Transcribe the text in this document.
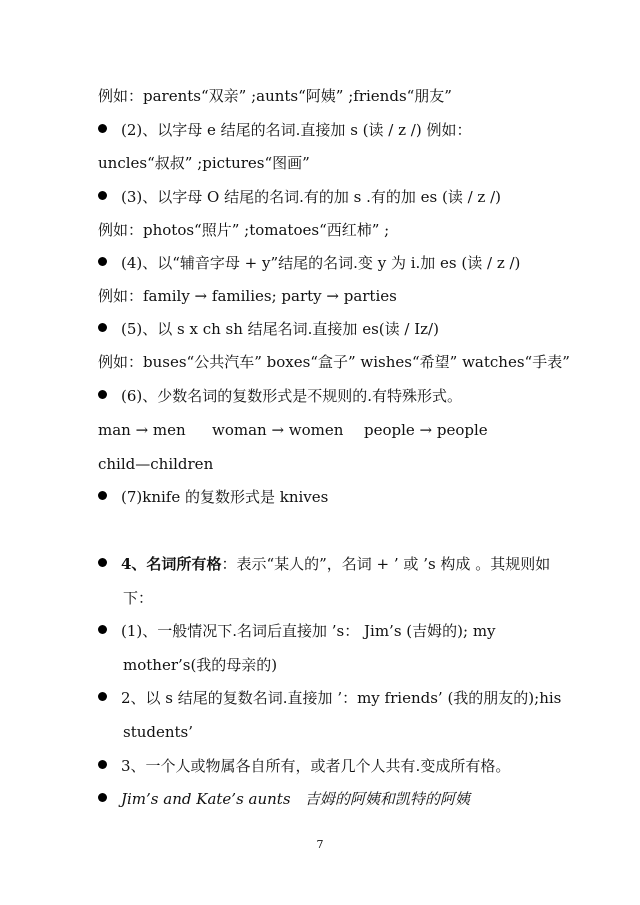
例如：parents“双亲” ;aunts“阿姨” ;friends“朋友”
(2)、以字母 e 结尾的名词.直接加 s (读 / z /) 例如：
uncles“叔叔” ;pictures“图画”
(3)、以字母 O 结尾的名词.有的加 s .有的加 es (读 / z /)
例如：photos“照片” ;tomatoes“西红柿” ;
(4)、以“辅音字母 + y”结尾的名词.变 y 为 i.加 es (读 / z /)
例如：family → families; party → parties
(5)、以 s x ch sh 结尾名词.直接加 es(读 / Iz/)
例如：buses“公共汽车” boxes“盒子” wishes“希望” watches“手表”
(6)、少数名词的复数形式是不规则的.有特殊形式。
man → men woman → women people → people
child—children
(7)knife 的复数形式是 knives
4、名词所有格：表示“某人的”，名词 + ’ 或 ’s 构成 。其规则如
下：
(1)、一般情况下.名词后直接加 ’s： Jim’s (吉姆的); my
mother’s(我的母亲的)
2、以 s 结尾的复数名词.直接加 ’：my friends’ (我的朋友的);his
students’
3、一个人或物属各自所有，或者几个人共有.变成所有格。
Jim’s and Kate’s aunts   吉姆的阿姨和凯特的阿姨
7
